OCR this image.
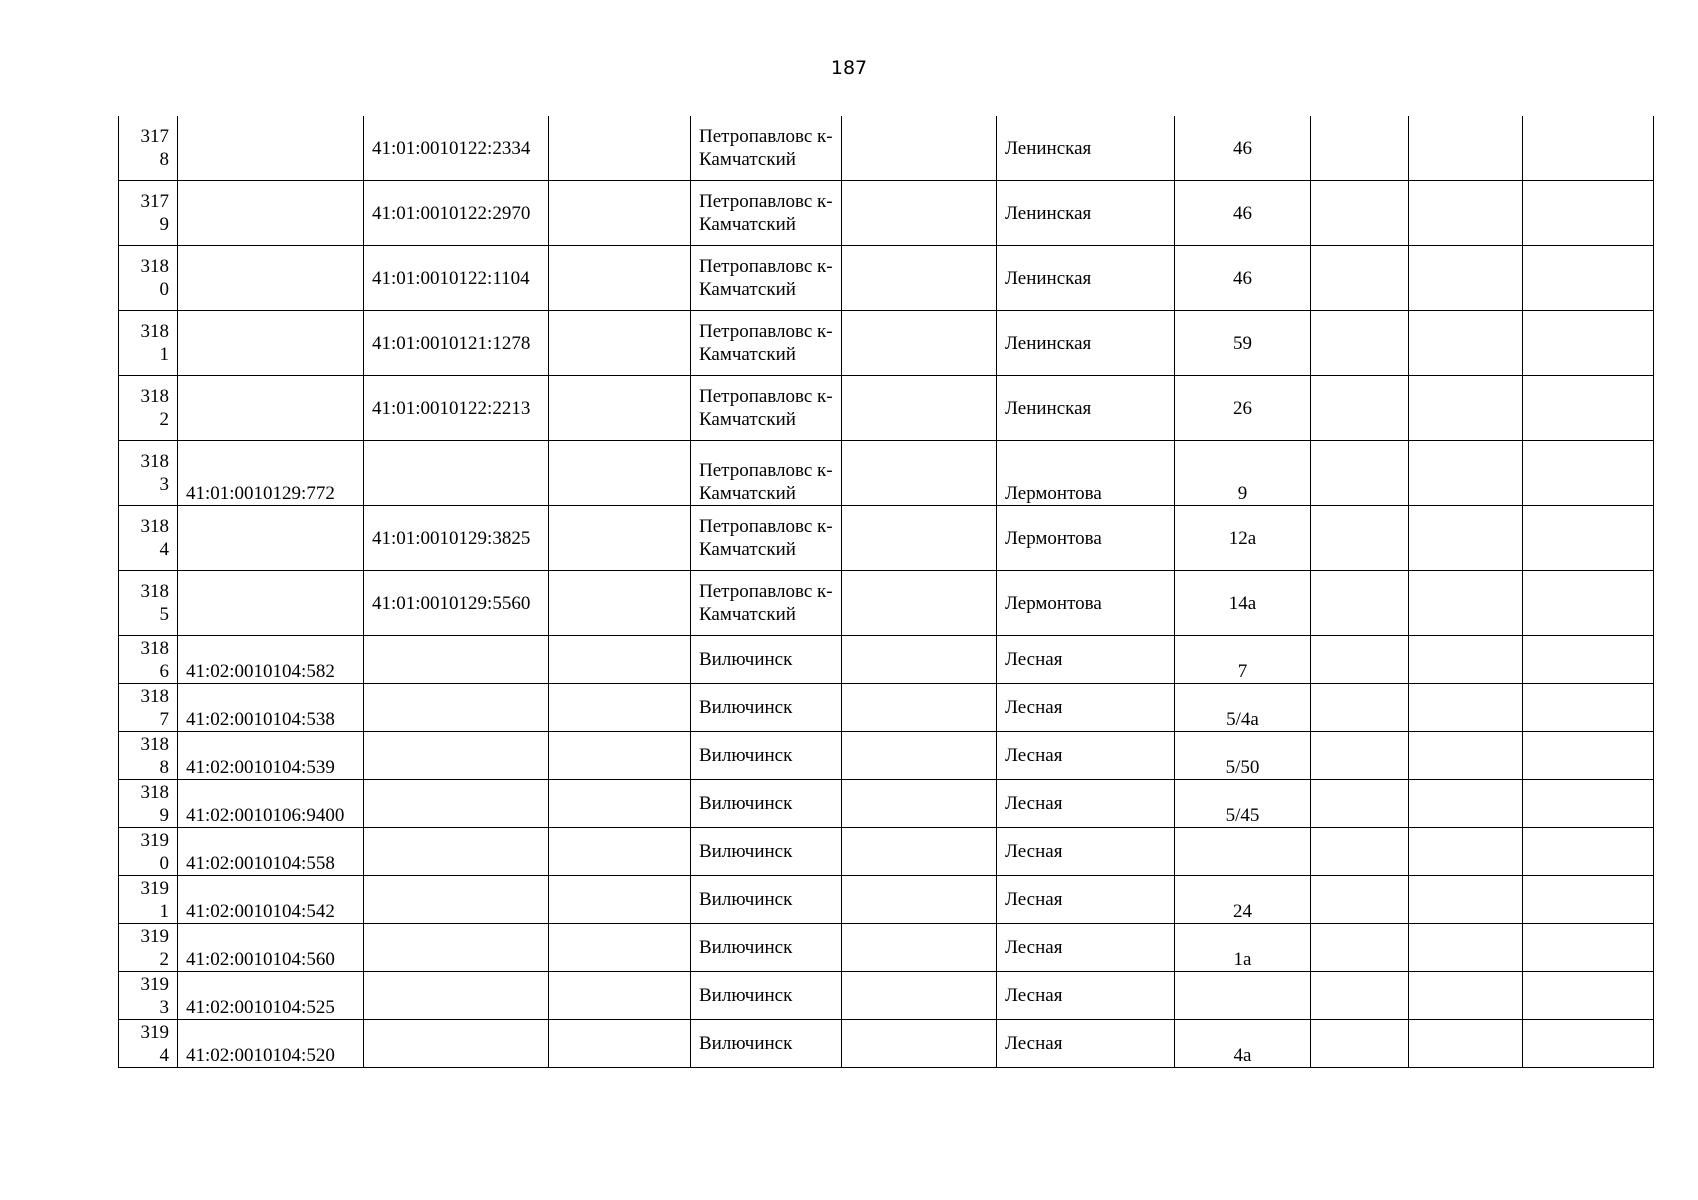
187
317
8		41:01:0010122:2334		Петропавловс к-Камчатский		Ленинская	46			

317
9		41:01:0010122:2970		Петропавловс к-Камчатский		Ленинская	46			

318
0		41:01:0010122:1104		Петропавловс к-Камчатский		Ленинская	46			

318
1		41:01:0010121:1278		Петропавловс к-Камчатский		Ленинская	59			

318
2		41:01:0010122:2213		Петропавловс к-Камчатский		Ленинская	26			

318
3	41:01:0010129:772			Петропавловс к-Камчатский		Лермонтова	9			

318
4		41:01:0010129:3825		Петропавловс к-Камчатский		Лермонтова	12а			

318
5		41:01:0010129:5560		Петропавловс к-Камчатский		Лермонтова	14а			

318
6	41:02:0010104:582			Вилючинск		Лесная	7			

318
7	41:02:0010104:538			Вилючинск		Лесная	5/4а			

318
8	41:02:0010104:539			Вилючинск		Лесная	5/50			

318
9	41:02:0010106:9400			Вилючинск		Лесная	5/45			

319
0	41:02:0010104:558			Вилючинск		Лесная				

319
1	41:02:0010104:542			Вилючинск		Лесная	24			

319
2	41:02:0010104:560			Вилючинск		Лесная	1а			

319
3	41:02:0010104:525			Вилючинск		Лесная				

319
4	41:02:0010104:520			Вилючинск		Лесная	4а			
